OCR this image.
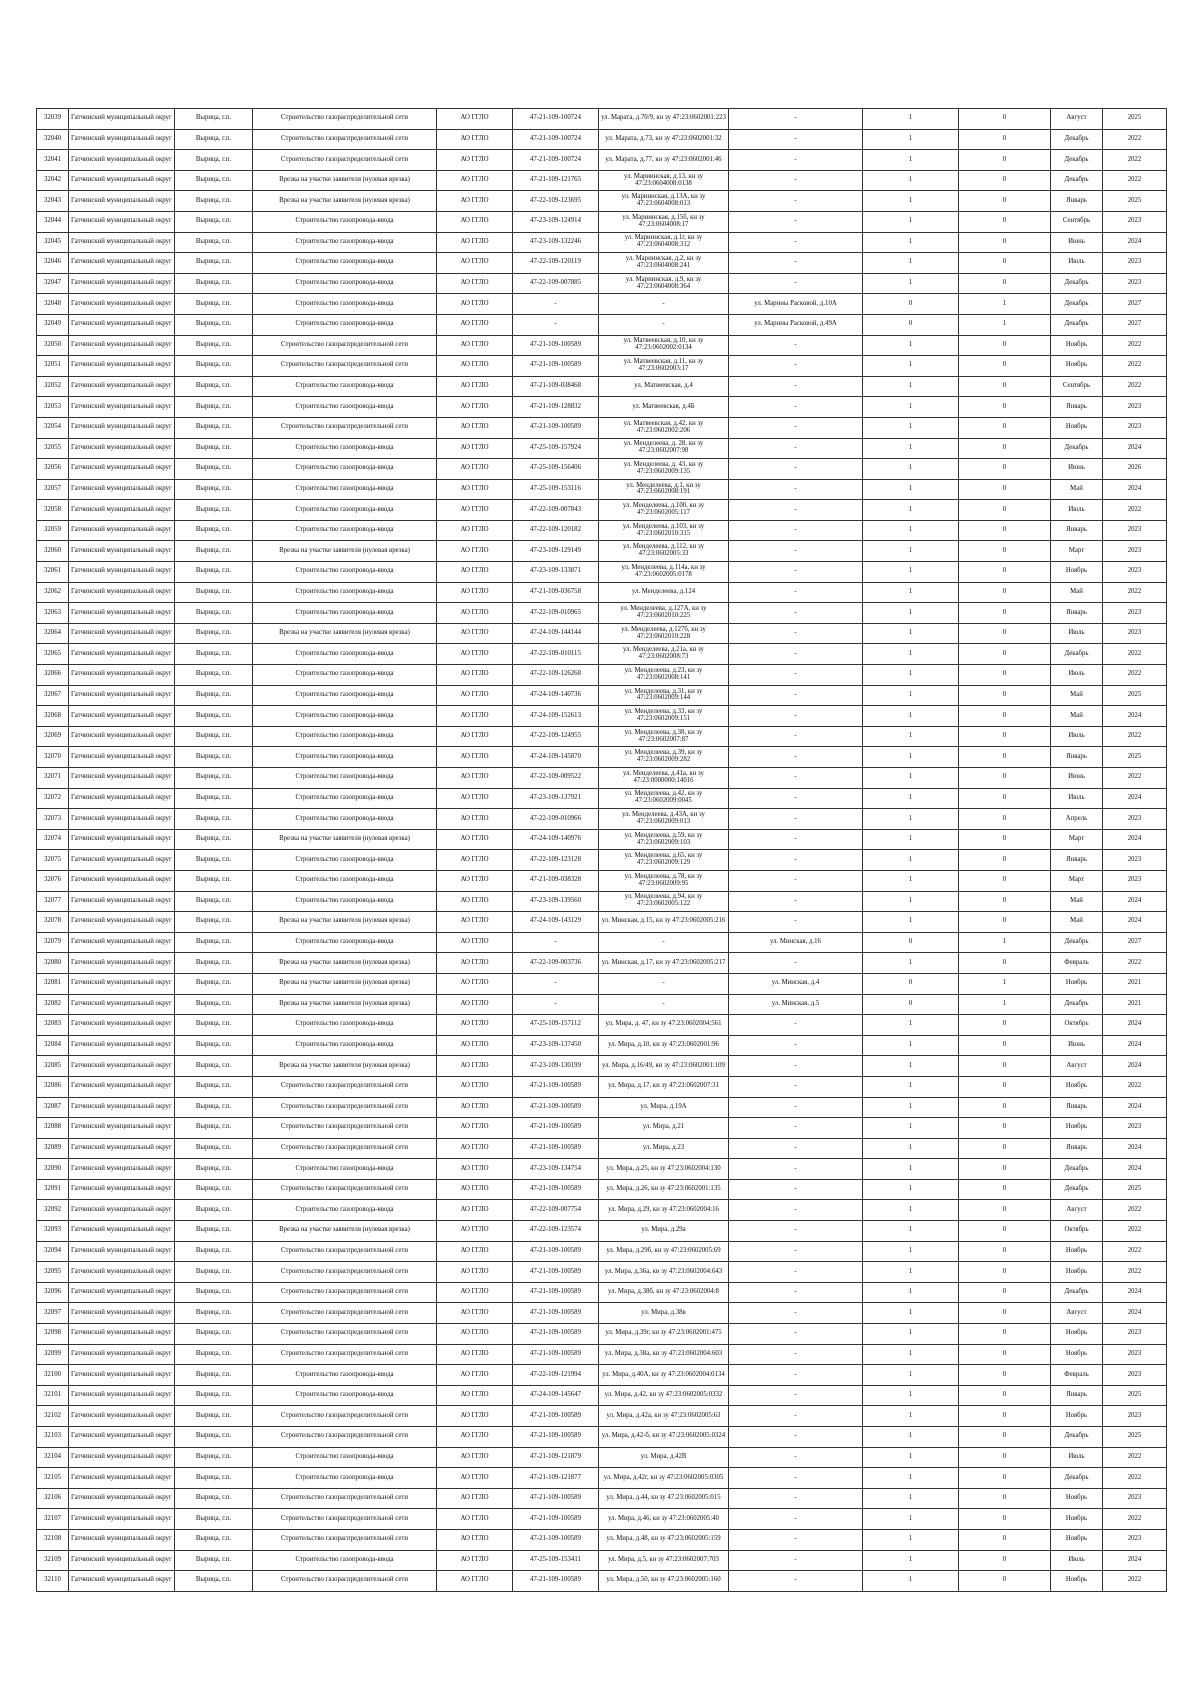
32039	Гатчинский муниципальный округ	Вырица, г.п.	Строительство газораспределительной сети	АО ГГЛО	47-21-109-100724	ул. Марата, д.70/9, кн зу 47:23:0602001:223	-	1	0	Август	2025
32040	Гатчинский муниципальный округ	Вырица, г.п.	Строительство газораспределительной сети	АО ГГЛО	47-21-109-100724	ул. Марата, д.73, кн зу 47:23:0602001:32	-	1	0	Декабрь	2022
32041	Гатчинский муниципальный округ	Вырица, г.п.	Строительство газораспределительной сети	АО ГГЛО	47-21-109-100724	ул. Марата, д.77, кн зу 47:23:0602001:46	-	1	0	Декабрь	2022
32042	Гатчинский муниципальный округ	Вырица, г.п.	Врезка на участке заявителя (нулевая врезка)	АО ГГЛО	47-21-109-121765	ул. Мариинская, д.13, кн зу 47:23:0604008:0138	-	1	0	Декабрь	2022
32043	Гатчинский муниципальный округ	Вырица, г.п.	Врезка на участке заявителя (нулевая врезка)	АО ГГЛО	47-22-109-123695	ул. Мариинская, д.13А, кн зу 47:23:0604008:013	-	1	0	Январь	2025
32044	Гатчинский муниципальный округ	Вырица, г.п.	Строительство газопровода-ввода	АО ГГЛО	47-23-109-124914	ул. Мариинская, д.15б, кн зу 47:23:0604008:17	-	1	0	Сентябрь	2023
32045	Гатчинский муниципальный округ	Вырица, г.п.	Строительство газопровода-ввода	АО ГГЛО	47-23-109-132246	ул. Мариинская, д.1г, кн зу 47:23:0604008:312	-	1	0	Июнь	2024
32046	Гатчинский муниципальный округ	Вырица, г.п.	Строительство газопровода-ввода	АО ГГЛО	47-22-109-120119	ул. Мариинская, д.2, кн зу 47:23:0604008:241	-	1	0	Июль	2023
32047	Гатчинский муниципальный округ	Вырица, г.п.	Строительство газопровода-ввода	АО ГГЛО	47-22-109-007885	ул. Мариинская, д.9, кн зу 47:23:0604008:364	-	1	0	Декабрь	2023
32048	Гатчинский муниципальный округ	Вырица, г.п.	Строительство газопровода-ввода	АО ГГЛО	-	-	ул. Марины Расковой, д.10А	0	1	Декабрь	2027
32049	Гатчинский муниципальный округ	Вырица, г.п.	Строительство газопровода-ввода	АО ГГЛО	-	-	ул. Марины Расковой, д.49А	0	1	Декабрь	2027
32050	Гатчинский муниципальный округ	Вырица, г.п.	Строительство газораспределительной сети	АО ГГЛО	47-21-109-100589	ул. Матвеевская, д.10, кн зу 47:23:0602002:0134	-	1	0	Ноябрь	2022
32051	Гатчинский муниципальный округ	Вырица, г.п.	Строительство газораспределительной сети	АО ГГЛО	47-21-109-100589	ул. Матвеевская, д.11, кн зу 47:23:0602003:17	-	1	0	Ноябрь	2022
32052	Гатчинский муниципальный округ	Вырица, г.п.	Строительство газопровода-ввода	АО ГГЛО	47-21-109-038468	ул. Матвеевская, д.4	-	1	0	Сентябрь	2022
32053	Гатчинский муниципальный округ	Вырица, г.п.	Строительство газопровода-ввода	АО ГГЛО	47-21-109-128832	ул. Матвеевская, д.4Б	-	1	0	Январь	2023
32054	Гатчинский муниципальный округ	Вырица, г.п.	Строительство газораспределительной сети	АО ГГЛО	47-21-109-100589	ул. Матвеевская, д.42, кн зу 47:23:0602002:206	-	1	0	Ноябрь	2023
32055	Гатчинский муниципальный округ	Вырица, г.п.	Строительство газопровода-ввода	АО ГГЛО	47-25-109-157924	ул. Менделеева, д. 28, кн зу 47:23:0602007:98	-	1	0	Декабрь	2024
32056	Гатчинский муниципальный округ	Вырица, г.п.	Строительство газопровода-ввода	АО ГГЛО	47-25-109-156406	ул. Менделеева, д. 43, кн зу 47:23:0602009:135	-	1	0	Июнь	2026
32057	Гатчинский муниципальный округ	Вырица, г.п.	Строительство газопровода-ввода	АО ГГЛО	47-25-109-153116	ул. Менделеева, д.1, кн зу 47:23:0602008:191	-	1	0	Май	2024
32058	Гатчинский муниципальный округ	Вырица, г.п.	Строительство газопровода-ввода	АО ГГЛО	47-22-109-007843	ул. Менделеева, д.100, кн зу 47:23:0602005:117	-	1	0	Июль	2022
32059	Гатчинский муниципальный округ	Вырица, г.п.	Строительство газопровода-ввода	АО ГГЛО	47-22-109-120182	ул. Менделеева, д.103, кн зу 47:23:0602010:315	-	1	0	Январь	2023
32060	Гатчинский муниципальный округ	Вырица, г.п.	Врезка на участке заявителя (нулевая врезка)	АО ГГЛО	47-23-109-129149	ул. Менделеева, д.112, кн зу 47:23:0602005:33	-	1	0	Март	2023
32061	Гатчинский муниципальный округ	Вырица, г.п.	Строительство газопровода-ввода	АО ГГЛО	47-23-109-133871	ул. Менделеева, д.114а, кн зу 47:23:0602005:0178	-	1	0	Ноябрь	2023
32062	Гатчинский муниципальный округ	Вырица, г.п.	Строительство газопровода-ввода	АО ГГЛО	47-21-109-036758	ул. Менделеева, д.124	-	1	0	Май	2022
32063	Гатчинский муниципальный округ	Вырица, г.п.	Строительство газопровода-ввода	АО ГГЛО	47-22-109-010965	ул. Менделеева, д.127А, кн зу 47:23:0602010:225	-	1	0	Январь	2023
32064	Гатчинский муниципальный округ	Вырица, г.п.	Врезка на участке заявителя (нулевая врезка)	АО ГГЛО	47-24-109-144144	ул. Менделеева, д.127б, кн зу 47:23:0602010:228	-	1	0	Июль	2023
32065	Гатчинский муниципальный округ	Вырица, г.п.	Строительство газопровода-ввода	АО ГГЛО	47-22-109-010115	ул. Менделеева, д.21а, кн зу 47:23:0602008:73	-	1	0	Декабрь	2022
32066	Гатчинский муниципальный округ	Вырица, г.п.	Строительство газопровода-ввода	АО ГГЛО	47-22-109-126268	ул. Менделеева, д.23, кн зу 47:23:0602008:141	-	1	0	Июль	2022
32067	Гатчинский муниципальный округ	Вырица, г.п.	Строительство газопровода-ввода	АО ГГЛО	47-24-109-140736	ул. Менделеева, д.31, кн зу 47:23:0602009:144	-	1	0	Май	2025
32068	Гатчинский муниципальный округ	Вырица, г.п.	Строительство газопровода-ввода	АО ГГЛО	47-24-109-152613	ул. Менделеева, д.33, кн зу 47:23:0602009:151	-	1	0	Май	2024
32069	Гатчинский муниципальный округ	Вырица, г.п.	Строительство газопровода-ввода	АО ГГЛО	47-22-109-124955	ул. Менделеева, д.38, кн зу 47:23:0602007:87	-	1	0	Июль	2022
32070	Гатчинский муниципальный округ	Вырица, г.п.	Строительство газопровода-ввода	АО ГГЛО	47-24-109-145870	ул. Менделеева, д.39, кн зу 47:23:0602009:282	-	1	0	Январь	2025
32071	Гатчинский муниципальный округ	Вырица, г.п.	Строительство газопровода-ввода	АО ГГЛО	47-22-109-009522	ул. Менделеева, д.41а, кн зу 47:23:0000000:14016	-	1	0	Июнь	2022
32072	Гатчинский муниципальный округ	Вырица, г.п.	Строительство газопровода-ввода	АО ГГЛО	47-23-109-137921	ул. Менделеева, д.42, кн зу 47:23:0602009:0045	-	1	0	Июль	2024
32073	Гатчинский муниципальный округ	Вырица, г.п.	Строительство газопровода-ввода	АО ГГЛО	47-22-109-010966	ул. Менделеева, д.43А, кн зу 47:23:0602009:013	-	1	0	Апрель	2023
32074	Гатчинский муниципальный округ	Вырица, г.п.	Врезка на участке заявителя (нулевая врезка)	АО ГГЛО	47-24-109-140976	ул. Менделеева, д.59, кн зу 47:23:0602009:103	-	1	0	Март	2024
32075	Гатчинский муниципальный округ	Вырица, г.п.	Строительство газопровода-ввода	АО ГГЛО	47-22-109-123128	ул. Менделеева, д.65, кн зу 47:23:0602009:129	-	1	0	Январь	2023
32076	Гатчинский муниципальный округ	Вырица, г.п.	Строительство газопровода-ввода	АО ГГЛО	47-21-109-038328	ул. Менделеева, д.78, кн зу 47:23:0602009:95	-	1	0	Март	2023
32077	Гатчинский муниципальный округ	Вырица, г.п.	Строительство газопровода-ввода	АО ГГЛО	47-23-109-139560	ул. Менделеева, д.94, кн зу 47:23:0602005:122	-	1	0	Май	2024
32078	Гатчинский муниципальный округ	Вырица, г.п.	Врезка на участке заявителя (нулевая врезка)	АО ГГЛО	47-24-109-143129	ул. Минская, д.15, кн зу 47:23:0602005:216	-	1	0	Май	2024
32079	Гатчинский муниципальный округ	Вырица, г.п.	Строительство газопровода-ввода	АО ГГЛО	-	-	ул. Минская, д.16	0	1	Декабрь	2027
32080	Гатчинский муниципальный округ	Вырица, г.п.	Врезка на участке заявителя (нулевая врезка)	АО ГГЛО	47-22-109-003736	ул. Минская, д.17, кн зу 47:23:0602005:217	-	1	0	Февраль	2022
32081	Гатчинский муниципальный округ	Вырица, г.п.	Врезка на участке заявителя (нулевая врезка)	АО ГГЛО	-	-	ул. Минская, д.4	0	1	Ноябрь	2021
32082	Гатчинский муниципальный округ	Вырица, г.п.	Врезка на участке заявителя (нулевая врезка)	АО ГГЛО	-	-	ул. Минская, д.5	0	1	Декабрь	2021
32083	Гатчинский муниципальный округ	Вырица, г.п.	Строительство газопровода-ввода	АО ГГЛО	47-25-109-157112	ул. Мира, д. 47, кн зу 47:23:0602004:561	-	1	0	Октябрь	2024
32084	Гатчинский муниципальный округ	Вырица, г.п.	Строительство газопровода-ввода	АО ГГЛО	47-23-109-137450	ул. Мира, д.10, кн зу 47:23:0602001:96	-	1	0	Июнь	2024
32085	Гатчинский муниципальный округ	Вырица, г.п.	Врезка на участке заявителя (нулевая врезка)	АО ГГЛО	47-23-109-130199	ул. Мира, д.16/49, кн зу 47:23:0602001:109	-	1	0	Август	2024
32086	Гатчинский муниципальный округ	Вырица, г.п.	Строительство газораспределительной сети	АО ГГЛО	47-21-109-100589	ул. Мира, д.17, кн зу 47:23:0602007:31	-	1	0	Ноябрь	2022
32087	Гатчинский муниципальный округ	Вырица, г.п.	Строительство газораспределительной сети	АО ГГЛО	47-21-109-100589	ул. Мира, д.19А	-	1	0	Январь	2024
32088	Гатчинский муниципальный округ	Вырица, г.п.	Строительство газораспределительной сети	АО ГГЛО	47-21-109-100589	ул. Мира, д.21	-	1	0	Ноябрь	2023
32089	Гатчинский муниципальный округ	Вырица, г.п.	Строительство газораспределительной сети	АО ГГЛО	47-21-109-100589	ул. Мира, д.23	-	1	0	Январь	2024
32090	Гатчинский муниципальный округ	Вырица, г.п.	Строительство газопровода-ввода	АО ГГЛО	47-23-109-134754	ул. Мира, д.25, кн зу 47:23:0602004:130	-	1	0	Декабрь	2024
32091	Гатчинский муниципальный округ	Вырица, г.п.	Строительство газораспределительной сети	АО ГГЛО	47-21-109-100589	ул. Мира, д.26, кн зу 47:23:0602001:135	-	1	0	Декабрь	2025
32092	Гатчинский муниципальный округ	Вырица, г.п.	Строительство газопровода-ввода	АО ГГЛО	47-22-109-007754	ул. Мира, д.29, кн зу 47:23:0602004:16	-	1	0	Август	2022
32093	Гатчинский муниципальный округ	Вырица, г.п.	Врезка на участке заявителя (нулевая врезка)	АО ГГЛО	47-22-109-123574	ул. Мира, д.29а	-	1	0	Октябрь	2022
32094	Гатчинский муниципальный округ	Вырица, г.п.	Строительство газораспределительной сети	АО ГГЛО	47-21-109-100589	ул. Мира, д.29б, кн зу 47:23:0602005:69	-	1	0	Ноябрь	2022
32095	Гатчинский муниципальный округ	Вырица, г.п.	Строительство газораспределительной сети	АО ГГЛО	47-21-109-100589	ул. Мира, д.36а, кн зу 47:23:0602004:643	-	1	0	Ноябрь	2022
32096	Гатчинский муниципальный округ	Вырица, г.п.	Строительство газораспределительной сети	АО ГГЛО	47-21-109-100589	ул. Мира, д.38б, кн зу 47:23:0602004:8	-	1	0	Декабрь	2024
32097	Гатчинский муниципальный округ	Вырица, г.п.	Строительство газораспределительной сети	АО ГГЛО	47-21-109-100589	ул. Мира, д.38в	-	1	0	Август	2024
32098	Гатчинский муниципальный округ	Вырица, г.п.	Строительство газораспределительной сети	АО ГГЛО	47-21-109-100589	ул. Мира, д.39г, кн зу 47:23:0602001:475	-	1	0	Ноябрь	2023
32099	Гатчинский муниципальный округ	Вырица, г.п.	Строительство газораспределительной сети	АО ГГЛО	47-21-109-100589	ул. Мира, д.38а, кн зу 47:23:0602004:603	-	1	0	Ноябрь	2023
32100	Гатчинский муниципальный округ	Вырица, г.п.	Строительство газопровода-ввода	АО ГГЛО	47-22-109-121994	ул. Мира, д.40А, кн зу 47:23:0602004:0134	-	1	0	Февраль	2023
32101	Гатчинский муниципальный округ	Вырица, г.п.	Строительство газопровода-ввода	АО ГГЛО	47-24-109-145647	ул. Мира, д.42, кн зу 47:23:0602005:0332	-	1	0	Январь	2025
32102	Гатчинский муниципальный округ	Вырица, г.п.	Строительство газораспределительной сети	АО ГГЛО	47-21-109-100589	ул. Мира, д.42а, кн зу 47:23:0602005:63	-	1	0	Ноябрь	2023
32103	Гатчинский муниципальный округ	Вырица, г.п.	Строительство газораспределительной сети	АО ГГЛО	47-21-109-100589	ул. Мира, д.42-б, кн зу 47:23:0602005:0324	-	1	0	Декабрь	2025
32104	Гатчинский муниципальный округ	Вырица, г.п.	Строительство газопровода-ввода	АО ГГЛО	47-21-109-121879	ул. Мира, д.42В	-	1	0	Июль	2022
32105	Гатчинский муниципальный округ	Вырица, г.п.	Строительство газопровода-ввода	АО ГГЛО	47-21-109-121877	ул. Мира, д.42г, кн зу 47:23:0602005:0305	-	1	0	Декабрь	2022
32106	Гатчинский муниципальный округ	Вырица, г.п.	Строительство газораспределительной сети	АО ГГЛО	47-21-109-100589	ул. Мира, д.44, кн зу 47:23:0602005:015	-	1	0	Ноябрь	2023
32107	Гатчинский муниципальный округ	Вырица, г.п.	Строительство газораспределительной сети	АО ГГЛО	47-21-109-100589	ул. Мира, д.46, кн зу 47:23:0602005:40	-	1	0	Ноябрь	2022
32108	Гатчинский муниципальный округ	Вырица, г.п.	Строительство газораспределительной сети	АО ГГЛО	47-21-109-100589	ул. Мира, д.48, кн зу 47:23:0602005:159	-	1	0	Ноябрь	2023
32109	Гатчинский муниципальный округ	Вырица, г.п.	Строительство газопровода-ввода	АО ГГЛО	47-25-109-153411	ул. Мира, д.5, кн зу 47:23:0602007:703	-	1	0	Июль	2024
32110	Гатчинский муниципальный округ	Вырица, г.п.	Строительство газораспределительной сети	АО ГГЛО	47-21-109-100589	ул. Мира, д.50, кн зу 47:23:0602005:160	-	1	0	Ноябрь	2022
